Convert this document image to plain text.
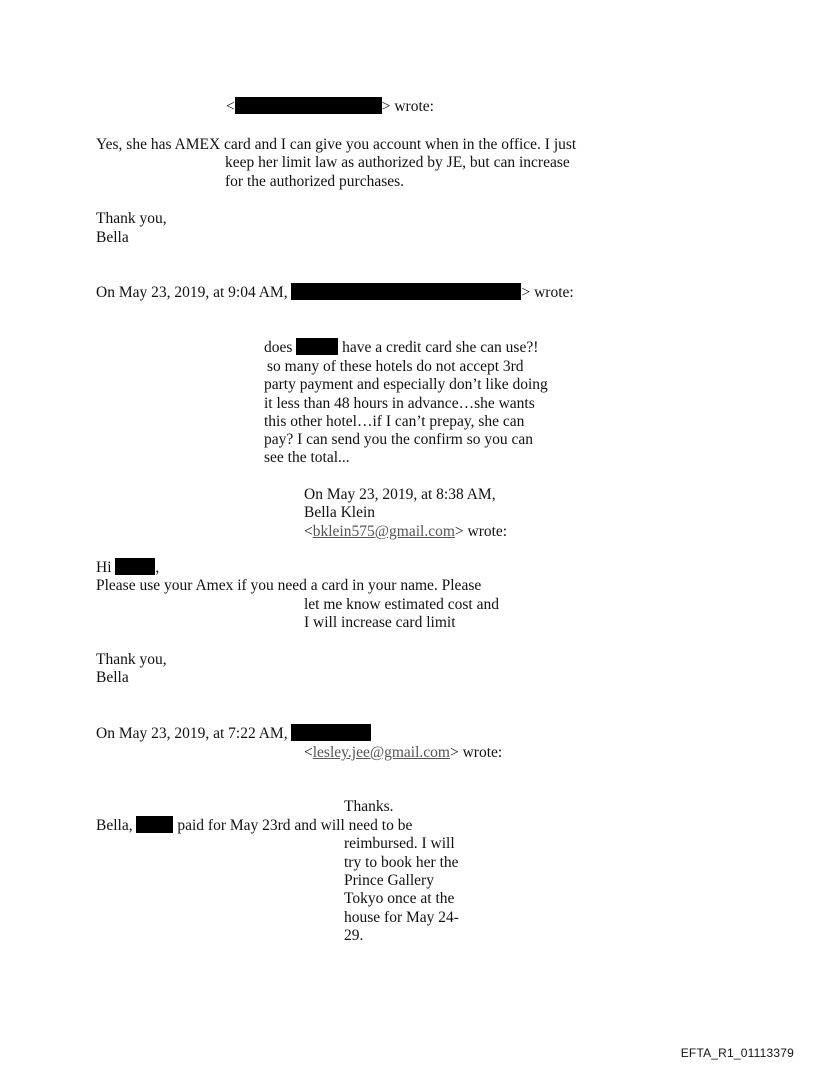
<	> wrote:
Yes, she has AMEX card and I can give you account when in the office. I just
keep her limit law as authorized by JE, but can increase
for the authorized purchases.
Thank you,
Bella
On May 23, 2019, at 9:04 AM,	> wrote:
does	have a credit card she can use?!
so many of these hotels do not accept 3rd
party payment and especially don’t like doing
it less than 48 hours in advance…she wants
this other hotel…if I can’t prepay, she can
pay? I can send you the confirm so you can
see the total...
On May 23, 2019, at 8:38 AM,
Bella Klein
<bklein575@gmail.com> wrote:
Hi	,
Please use your Amex if you need a card in your name. Please
let me know estimated cost and
I will increase card limit
Thank you,
Bella
On May 23, 2019, at 7:22 AM,
<lesley.jee@gmail.com> wrote:
Thanks.
Bella,	paid for May 23rd and will need to be
reimbursed. I will
try to book her the
Prince Gallery
Tokyo once at the
house for May 24-
29.
EFTA_R1_01113379
